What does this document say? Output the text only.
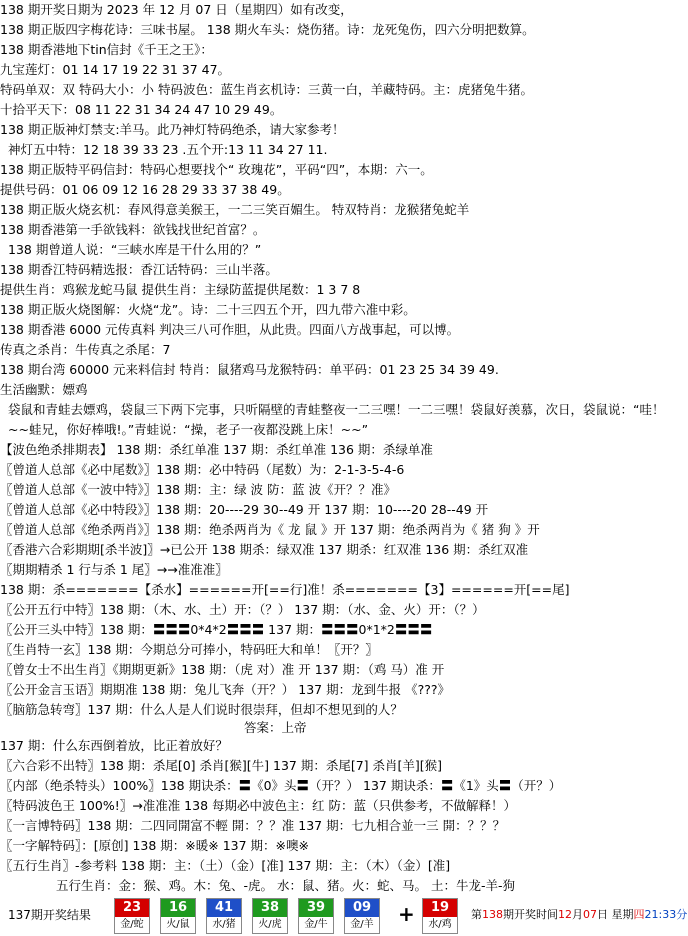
138 期开奖日期为 2023 年 12 月 07 日（星期四）如有改变，
138 期正版四字梅花诗：三味书屋。 138 期火车头：烧伤猪。诗：龙死兔伤，四六分明把数算。
138 期香港地下tin信封《千王之王》：
九宝莲灯：01 14 17 19 22 31 37 47。
特码单双：双 特码大小：小 特码波色：蓝生肖玄机诗：三黄一白，羊藏特码。主：虎猪兔牛猪。
十拾平天下：08 11 22 31 34 24 47 10 29 49。
138 期正版神灯禁支:羊马。此乃神灯特码绝杀，请大家参考！
神灯五中特：12 18 39 33 23 .五个开:13 11 34 27 11.
138 期正版特平码信封：特码心想要找个“ 玫瑰花”，平码“四”，本期：六一。
提供号码：01 06 09 12 16 28 29 33 37 38 49。
138 期正版火烧玄机：春风得意美猴王，一二三笑百媚生。 特双特肖：龙猴猪兔蛇羊
138 期香港第一手欲钱料：欲钱找世纪首富？。
138 期曾道人说：“三峡水库是干什么用的？”
138 期香江特码精选报：香江话特码：三山半落。
提供生肖：鸡猴龙蛇马鼠 提供生肖：主绿防蓝提供尾数：1 3 7 8
138 期正版火烧图解：火烧“龙”。诗：二十三四五个开，四九带六准中彩。
138 期香港 6000 元传真料 判决三八可作胆，从此贵。四面八方战事起，可以博。
传真之杀肖：牛传真之杀尾：7
138 期台湾 60000 元来料信封 特肖：鼠猪鸡马龙猴特码：单平码：01 23 25 34 39 49.
生活幽默：嫖鸡
袋鼠和青蛙去嫖鸡，袋鼠三下两下完事，只听隔壁的青蛙整夜一二三嘿！一二三嘿！袋鼠好羡慕，次日，袋鼠说：“哇！~~蛙兄，你好棒哦!。”青蛙说：“操，老子一夜都没跳上床！~~”
【波色绝杀排期表】 138 期：杀红单准 137 期：杀红单准 136 期：杀绿单准
〖曾道人总部《必中尾数》〗138 期：必中特码（尾数）为：2-1-3-5-4-6
〖曾道人总部《一波中特》〗138 期：主：绿 波 防：蓝 波《开？？准》
〖曾道人总部《必中特段》〗138 期：20----29 30--49 开 137 期：10----20 28--49 开
〖曾道人总部《绝杀两肖》〗138 期：绝杀两肖为《 龙 鼠 》开 137 期：绝杀两肖为《 猪 狗 》开
〖香港六合彩期期[杀半波]〗→已公开 138 期杀：绿双准 137 期杀：红双准 136 期：杀红双准
〖期期精杀 1 行与杀 1 尾〗→→准准准〗
138 期：杀=======【杀水】======开[==行]准！杀=======【3】======开[==尾]
〖公开五行中特〗138 期：（木、水、土）开：（？） 137 期：（水、金、火）开：（？）
〖公开三头中特〗138 期：〓〓〓0*4*2〓〓〓 137 期：〓〓〓0*1*2〓〓〓
〖生肖特一玄〗138 期：今期总分可捧小，特码旺大和单！〖开？〗
〖曾女士不出生肖〗《期期更新》138 期：（虎 对）准 开 137 期：（鸡 马）准 开
〖公开金言玉语〗期期准 138 期：兔儿飞奔（开？） 137 期：龙到牛报 《???》
〖脑筋急转弯〗137 期：什么人是人们说时很崇拜，但却不想见到的人？
答案：上帝
137 期：什么东西倒着放，比正着放好？
〖六合彩不出特〗138 期：杀尾[0] 杀肖[猴][牛] 137 期：杀尾[7] 杀肖[羊][猴]
〖内部（绝杀特头）100%〗138 期诀杀：〓《0》头〓（开？） 137 期诀杀：〓《1》头〓（开？）
〖特码波色王 100%!〗→准准准 138 每期必中波色主：红 防：蓝（只供参考，不做解释！）
〖一言博特码〗138 期：二四同開富不輕 開：？？准 137 期：七九相合並一三 開：？？？
〖一字解特码〗：[原创] 138 期：※暖※ 137 期：※噢※
〖五行生肖〗-参考料 138 期：主：（土）（金）[准] 137 期：主：（木）（金）[准]
五行生肖：金：猴、鸡。木：兔、-虎。 水：鼠、猪。火：蛇、马。 土：牛龙-羊-狗
137期开奖结果	23
金/蛇
16
火/鼠
41
水/猪
38
火/虎
39
金/牛
09
金/羊 +	19
水/鸡
第138期开奖时间12月07日 星期四21:33分
